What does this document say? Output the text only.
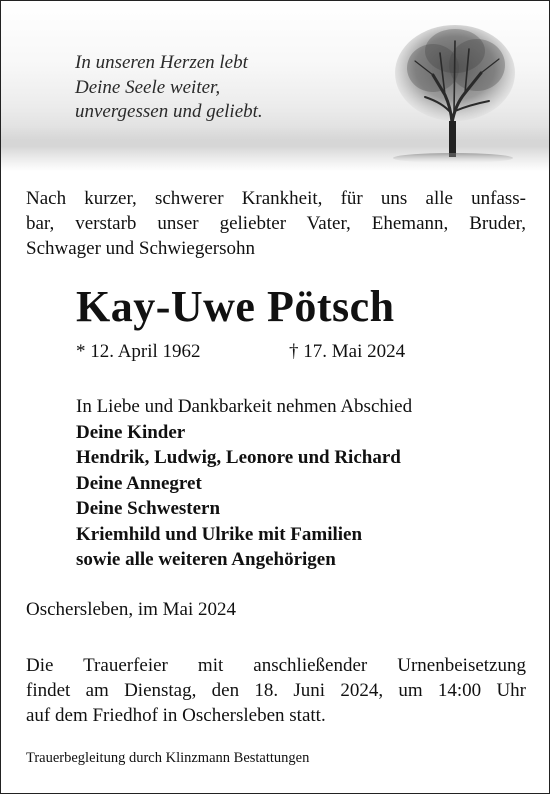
In unseren Herzen lebt
Deine Seele weiter,
unvergessen und geliebt.
Nach kurzer, schwerer Krankheit, für uns alle unfass-
bar, verstarb unser geliebter Vater, Ehemann, Bruder,
Schwager und Schwiegersohn
Kay-Uwe Pötsch
* 12. April 1962	† 17. Mai 2024
In Liebe und Dankbarkeit nehmen Abschied
Deine Kinder
Hendrik, Ludwig, Leonore und Richard
Deine Annegret
Deine Schwestern
Kriemhild und Ulrike mit Familien
sowie alle weiteren Angehörigen
Oschersleben, im Mai 2024
Die Trauerfeier mit anschließender Urnenbeisetzung
findet am Dienstag, den 18. Juni 2024, um 14:00 Uhr
auf dem Friedhof in Oschersleben statt.
Trauerbegleitung durch Klinzmann Bestattungen
